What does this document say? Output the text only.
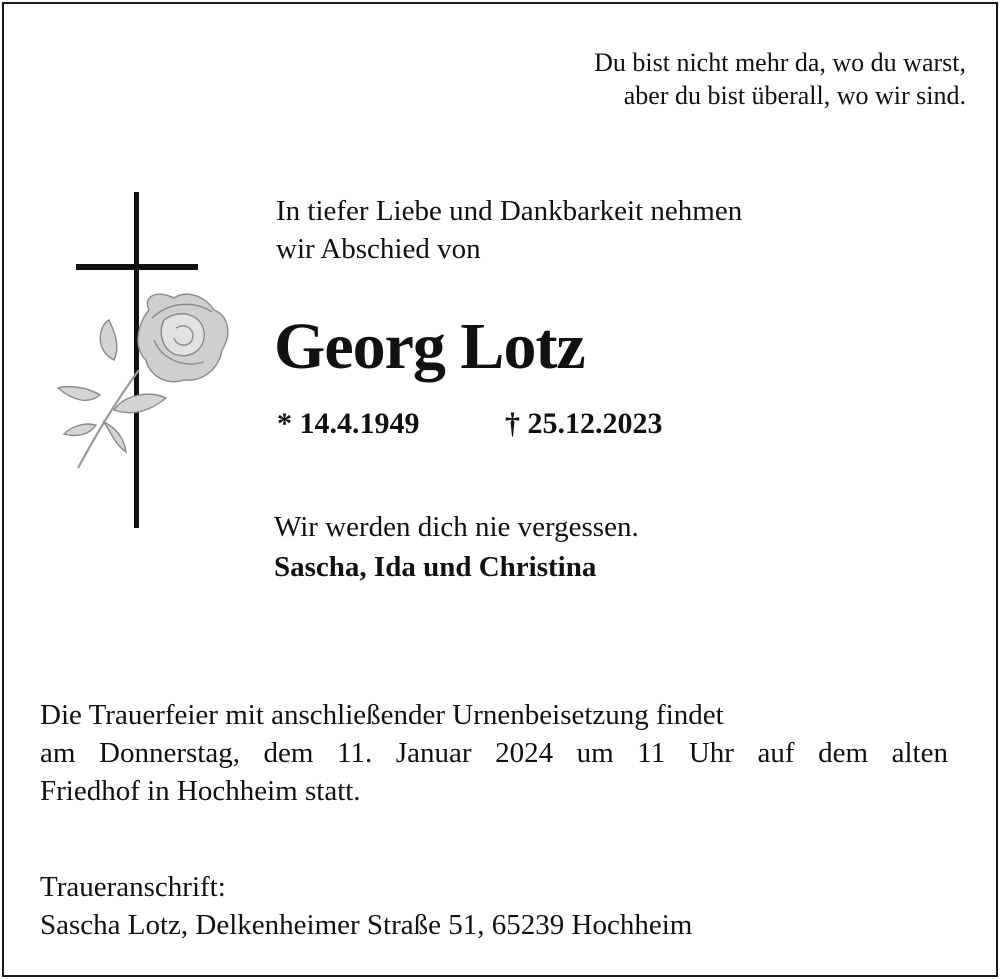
Du bist nicht mehr da, wo du warst,
aber du bist überall, wo wir sind.
In tiefer Liebe und Dankbarkeit nehmen
wir Abschied von
Georg Lotz
* 14.4.1949	† 25.12.2023
Wir werden dich nie vergessen.
Sascha, Ida und Christina
Die Trauerfeier mit anschließender Urnenbeisetzung findet
am Donnerstag, dem 11. Januar 2024 um 11 Uhr auf dem alten
Friedhof in Hochheim statt.
Traueranschrift:
Sascha Lotz, Delkenheimer Straße 51, 65239 Hochheim
